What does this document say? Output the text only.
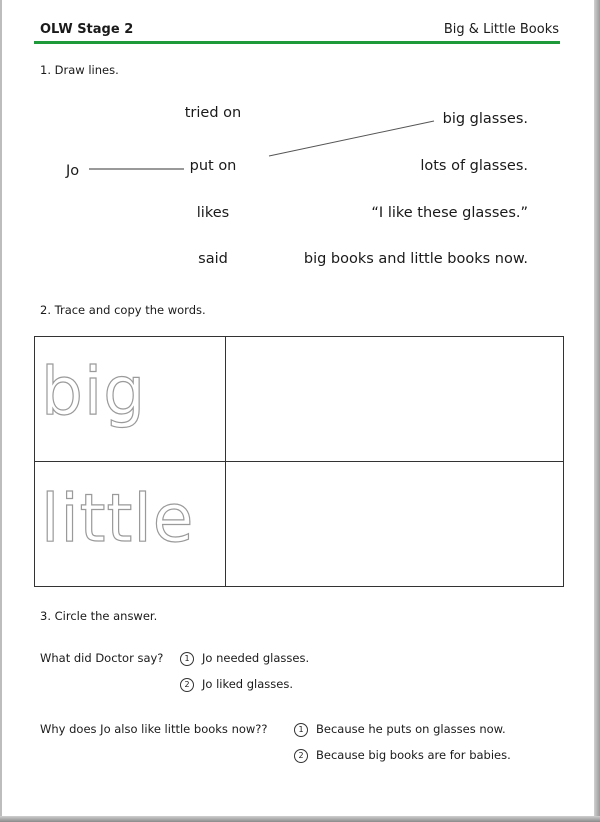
OLW Stage 2	Big & Little Books
1. Draw lines.
Jo
tried on
put on
likes
said
big glasses.
lots of glasses.
“I like these glasses.”
big books and little books now.
2. Trace and copy the words.
big	

little	

3. Circle the answer.
What did Doctor say?	1 Jo needed glasses.
2 Jo liked glasses.
Why does Jo also like little books now??	1 Because he puts on glasses now.
2 Because big books are for babies.
